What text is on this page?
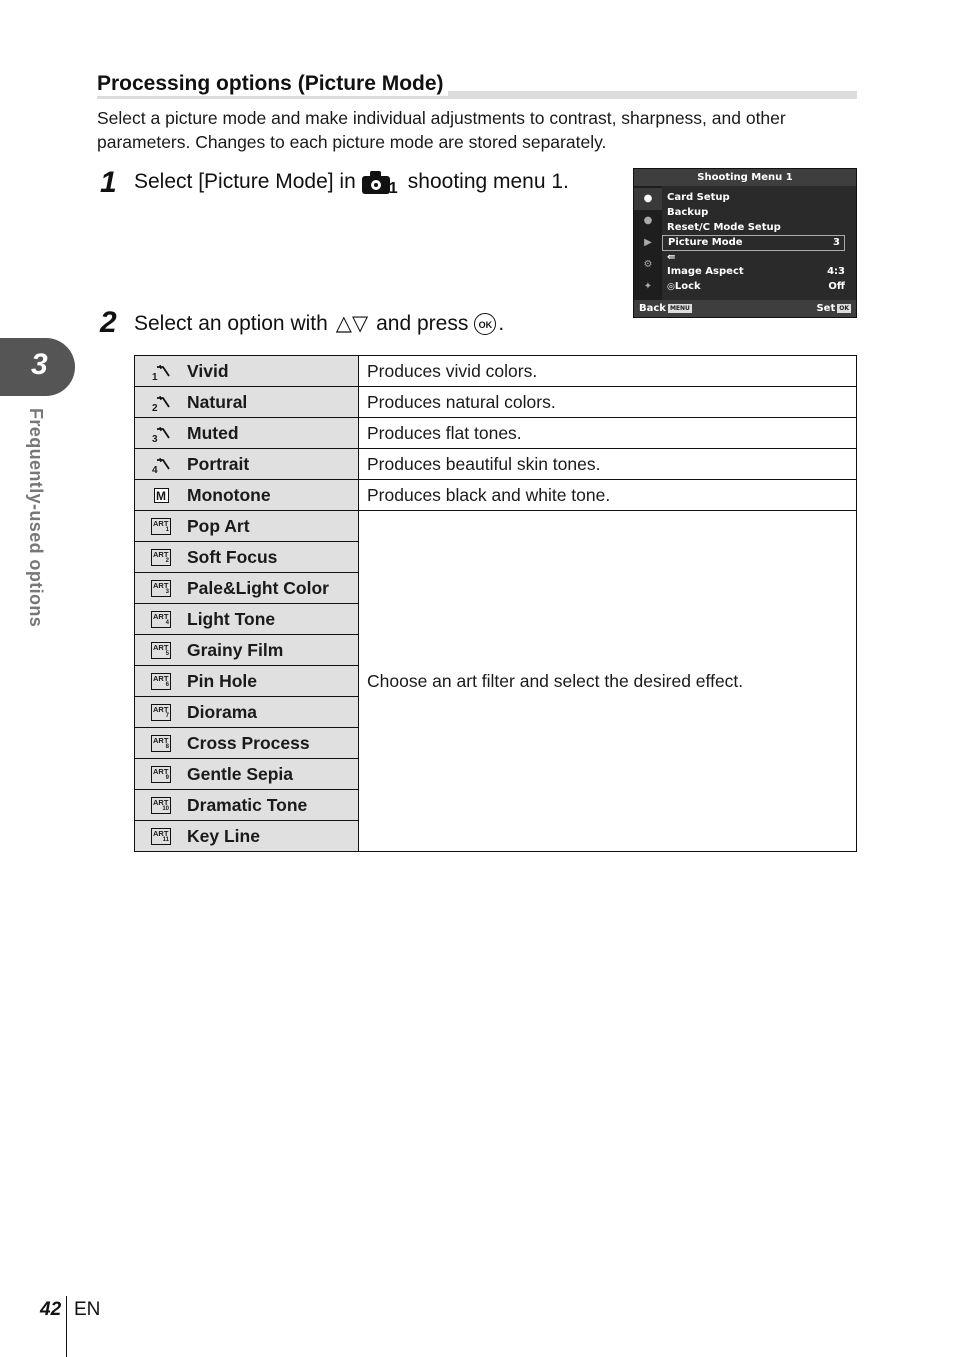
Processing options (Picture Mode)
Select a picture mode and make individual adjustments to contrast, sharpness, and other parameters. Changes to each picture mode are stored separately.
1 Select [Picture Mode] in 1 shooting menu 1.	Shooting Menu 1
●
●
▶
⚙
✦
Card Setup
Backup
Reset/C Mode Setup
Picture Mode	3
⇚
Image Aspect	4:3
◎Lock	Off
Back MENU	Set OK
2 Select an option with △▽ and press	OK .
1 Vivid	Produces vivid colors.

2 Natural	Produces natural colors.

3 Muted	Produces flat tones.

4 Portrait	Produces beautiful skin tones.

M Monotone	Produces black and white tone.

ART
1 Pop Art	Choose an art filter and select the desired effect.

ART
2 Soft Focus	

ART
3 Pale&Light Color	

ART
4 Light Tone	

ART
5 Grainy Film	

ART
6 Pin Hole	

ART
7 Diorama	

ART
8 Cross Process	

ART
9 Gentle Sepia	

ART
10 Dramatic Tone	

ART
11 Key Line	
3
Frequently-used options
42 EN
